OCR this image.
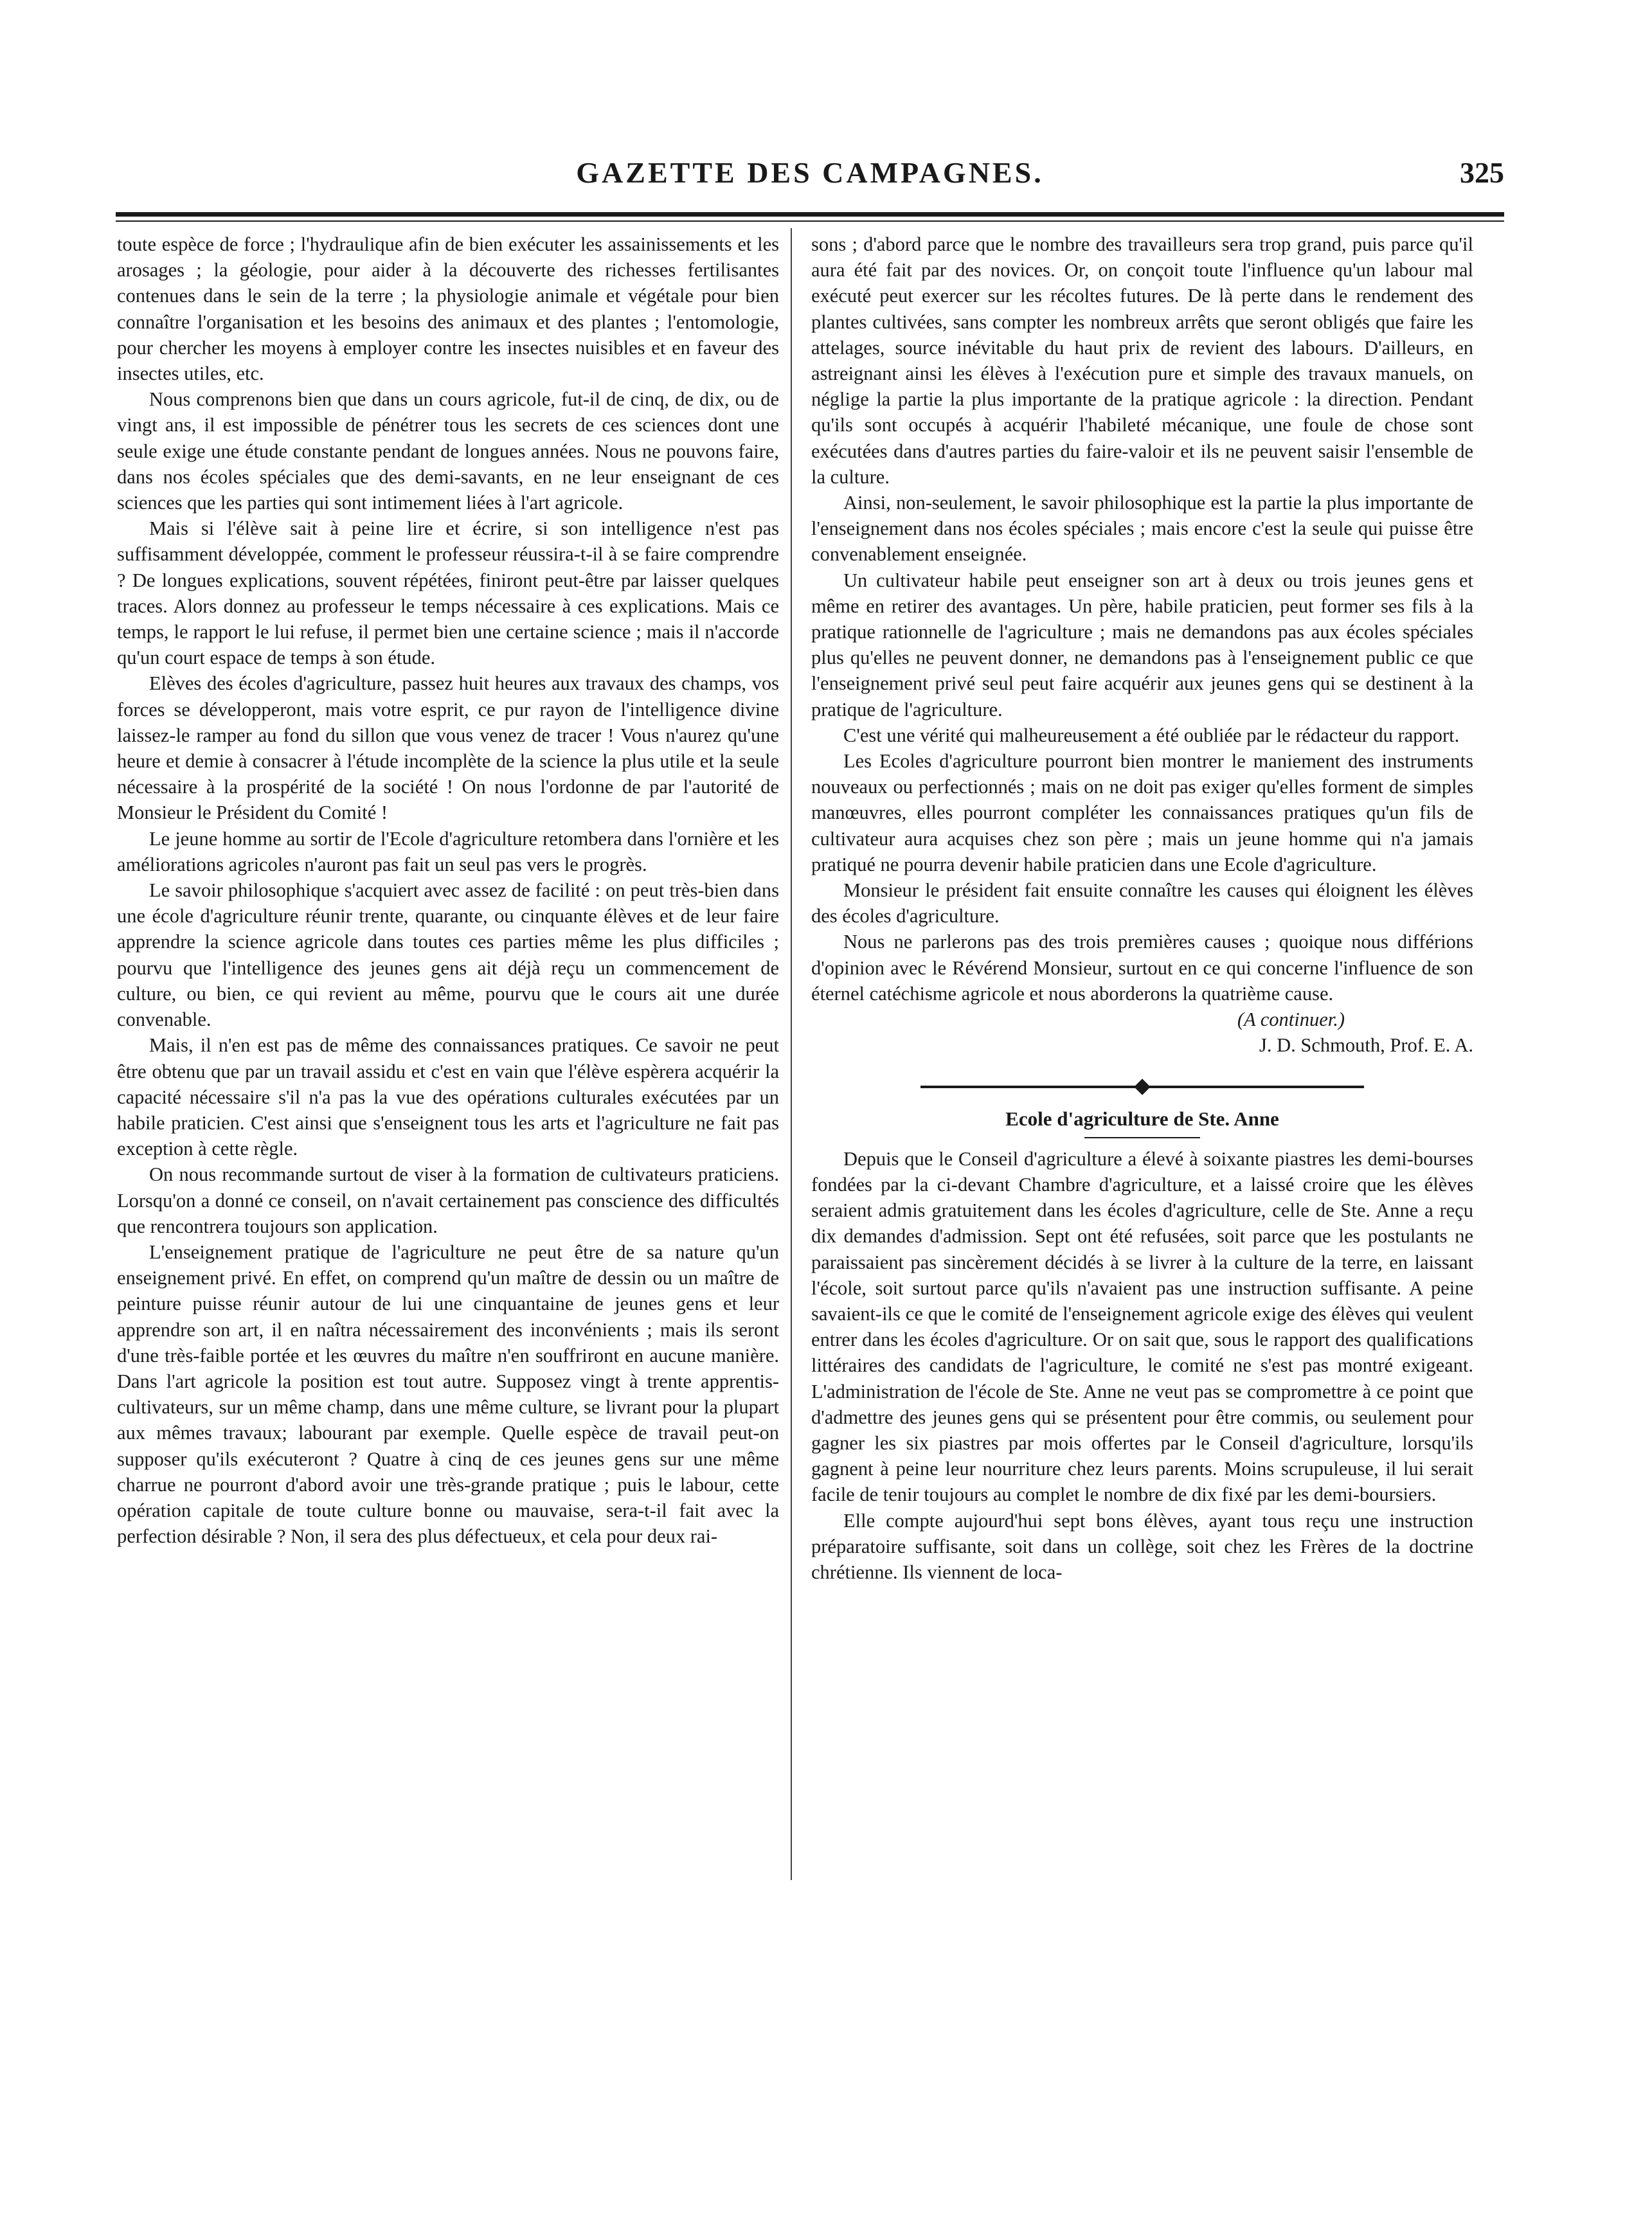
GAZETTE DES CAMPAGNES.	325

toute espèce de force ; l'hydraulique afin de bien exécuter les assainissements et les arosages ; la géologie, pour aider à la découverte des richesses fertilisantes contenues dans le sein de la terre ; la physiologie animale et végétale pour bien connaître l'organisation et les besoins des animaux et des plantes ; l'entomologie, pour chercher les moyens à employer contre les insectes nuisibles et en faveur des insectes utiles, etc.

Nous comprenons bien que dans un cours agricole, fut-il de cinq, de dix, ou de vingt ans, il est impossible de pénétrer tous les secrets de ces sciences dont une seule exige une étude constante pendant de longues années. Nous ne pouvons faire, dans nos écoles spéciales que des demi-savants, en ne leur enseignant de ces sciences que les parties qui sont intimement liées à l'art agricole.

Mais si l'élève sait à peine lire et écrire, si son intelligence n'est pas suffisamment développée, comment le professeur réussira-t-il à se faire comprendre ? De longues explications, souvent répétées, finiront peut-être par laisser quelques traces. Alors donnez au professeur le temps nécessaire à ces explications. Mais ce temps, le rapport le lui refuse, il permet bien une certaine science ; mais il n'accorde qu'un court espace de temps à son étude.

Elèves des écoles d'agriculture, passez huit heures aux travaux des champs, vos forces se développeront, mais votre esprit, ce pur rayon de l'intelligence divine laissez-le ramper au fond du sillon que vous venez de tracer ! Vous n'aurez qu'une heure et demie à consacrer à l'étude incomplète de la science la plus utile et la seule nécessaire à la prospérité de la société ! On nous l'ordonne de par l'autorité de Monsieur le Président du Comité !

Le jeune homme au sortir de l'Ecole d'agriculture retombera dans l'ornière et les améliorations agricoles n'auront pas fait un seul pas vers le progrès.

Le savoir philosophique s'acquiert avec assez de facilité : on peut très-bien dans une école d'agriculture réunir trente, quarante, ou cinquante élèves et de leur faire apprendre la science agricole dans toutes ces parties même les plus difficiles ; pourvu que l'intelligence des jeunes gens ait déjà reçu un commencement de culture, ou bien, ce qui revient au même, pourvu que le cours ait une durée convenable.

Mais, il n'en est pas de même des connaissances pratiques. Ce savoir ne peut être obtenu que par un travail assidu et c'est en vain que l'élève espèrera acquérir la capacité nécessaire s'il n'a pas la vue des opérations culturales exécutées par un habile praticien. C'est ainsi que s'enseignent tous les arts et l'agriculture ne fait pas exception à cette règle.

On nous recommande surtout de viser à la formation de cultivateurs praticiens. Lorsqu'on a donné ce conseil, on n'avait certainement pas conscience des difficultés que rencontrera toujours son application.

L'enseignement pratique de l'agriculture ne peut être de sa nature qu'un enseignement privé. En effet, on comprend qu'un maître de dessin ou un maître de peinture puisse réunir autour de lui une cinquantaine de jeunes gens et leur apprendre son art, il en naîtra nécessairement des inconvénients ; mais ils seront d'une très-faible portée et les œuvres du maître n'en souffriront en aucune manière. Dans l'art agricole la position est tout autre. Supposez vingt à trente apprentis-cultivateurs, sur un même champ, dans une même culture, se livrant pour la plupart aux mêmes travaux; labourant par exemple. Quelle espèce de travail peut-on supposer qu'ils exécuteront ? Quatre à cinq de ces jeunes gens sur une même charrue ne pourront d'abord avoir une très-grande pratique ; puis le labour, cette opération capitale de toute culture bonne ou mauvaise, sera-t-il fait avec la perfection désirable ? Non, il sera des plus défectueux, et cela pour deux rai-

sons ; d'abord parce que le nombre des travailleurs sera trop grand, puis parce qu'il aura été fait par des novices. Or, on conçoit toute l'influence qu'un labour mal exécuté peut exercer sur les récoltes futures. De là perte dans le rendement des plantes cultivées, sans compter les nombreux arrêts que seront obligés que faire les attelages, source inévitable du haut prix de revient des labours. D'ailleurs, en astreignant ainsi les élèves à l'exécution pure et simple des travaux manuels, on néglige la partie la plus importante de la pratique agricole : la direction. Pendant qu'ils sont occupés à acquérir l'habileté mécanique, une foule de chose sont exécutées dans d'autres parties du faire-valoir et ils ne peuvent saisir l'ensemble de la culture.

Ainsi, non-seulement, le savoir philosophique est la partie la plus importante de l'enseignement dans nos écoles spéciales ; mais encore c'est la seule qui puisse être convenablement enseignée.

Un cultivateur habile peut enseigner son art à deux ou trois jeunes gens et même en retirer des avantages. Un père, habile praticien, peut former ses fils à la pratique rationnelle de l'agriculture ; mais ne demandons pas aux écoles spéciales plus qu'elles ne peuvent donner, ne demandons pas à l'enseignement public ce que l'enseignement privé seul peut faire acquérir aux jeunes gens qui se destinent à la pratique de l'agriculture.

C'est une vérité qui malheureusement a été oubliée par le rédacteur du rapport.

Les Ecoles d'agriculture pourront bien montrer le maniement des instruments nouveaux ou perfectionnés ; mais on ne doit pas exiger qu'elles forment de simples manœuvres, elles pourront compléter les connaissances pratiques qu'un fils de cultivateur aura acquises chez son père ; mais un jeune homme qui n'a jamais pratiqué ne pourra devenir habile praticien dans une Ecole d'agriculture.

Monsieur le président fait ensuite connaître les causes qui éloignent les élèves des écoles d'agriculture.

Nous ne parlerons pas des trois premières causes ; quoique nous différions d'opinion avec le Révérend Monsieur, surtout en ce qui concerne l'influence de son éternel catéchisme agricole et nous aborderons la quatrième cause.

(A continuer.)

J. D. Schmouth, Prof. E. A.

Ecole d'agriculture de Ste. Anne

Depuis que le Conseil d'agriculture a élevé à soixante piastres les demi-bourses fondées par la ci-devant Chambre d'agriculture, et a laissé croire que les élèves seraient admis gratuitement dans les écoles d'agriculture, celle de Ste. Anne a reçu dix demandes d'admission. Sept ont été refusées, soit parce que les postulants ne paraissaient pas sincèrement décidés à se livrer à la culture de la terre, en laissant l'école, soit surtout parce qu'ils n'avaient pas une instruction suffisante. A peine savaient-ils ce que le comité de l'enseignement agricole exige des élèves qui veulent entrer dans les écoles d'agriculture. Or on sait que, sous le rapport des qualifications littéraires des candidats de l'agriculture, le comité ne s'est pas montré exigeant. L'administration de l'école de Ste. Anne ne veut pas se compromettre à ce point que d'admettre des jeunes gens qui se présentent pour être commis, ou seulement pour gagner les six piastres par mois offertes par le Conseil d'agriculture, lorsqu'ils gagnent à peine leur nourriture chez leurs parents. Moins scrupuleuse, il lui serait facile de tenir toujours au complet le nombre de dix fixé par les demi-boursiers.

Elle compte aujourd'hui sept bons élèves, ayant tous reçu une instruction préparatoire suffisante, soit dans un collège, soit chez les Frères de la doctrine chrétienne. Ils viennent de loca-
